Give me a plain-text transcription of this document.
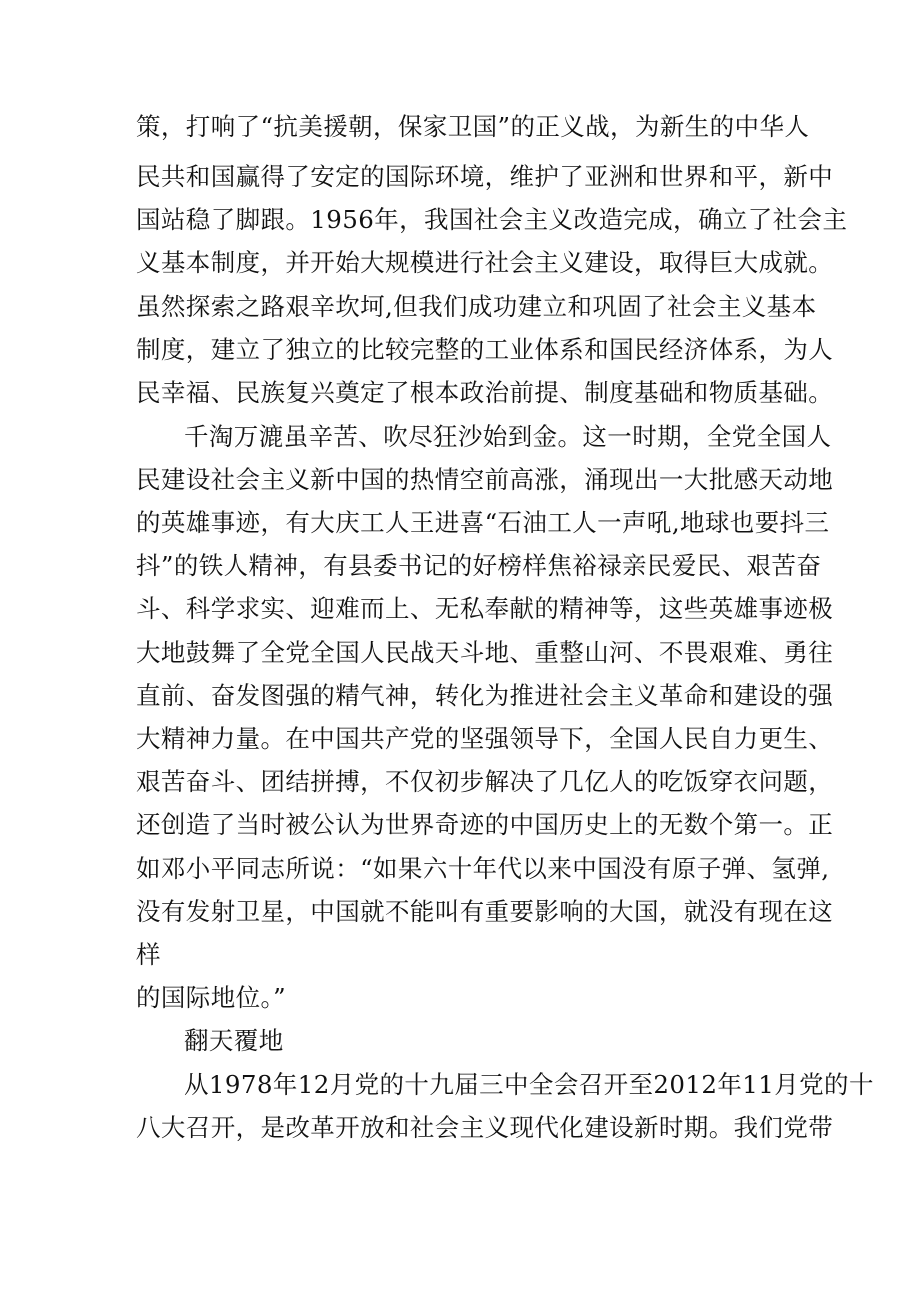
策，打响了“抗美援朝，保家卫国”的正义战，为新生的中华人
民共和国赢得了安定的国际环境，维护了亚洲和世界和平，新中
国站稳了脚跟。1956年，我国社会主义改造完成，确立了社会主
义基本制度，并开始大规模进行社会主义建设，取得巨大成就。
虽然探索之路艰辛坎坷,但我们成功建立和巩固了社会主义基本
制度，建立了独立的比较完整的工业体系和国民经济体系，为人
民幸福、民族复兴奠定了根本政治前提、制度基础和物质基础。
千淘万漉虽辛苦、吹尽狂沙始到金。这一时期，全党全国人
民建设社会主义新中国的热情空前高涨，涌现出一大批感天动地
的英雄事迹，有大庆工人王进喜“石油工人一声吼,地球也要抖三
抖”的铁人精神，有县委书记的好榜样焦裕禄亲民爱民、艰苦奋
斗、科学求实、迎难而上、无私奉献的精神等，这些英雄事迹极
大地鼓舞了全党全国人民战天斗地、重整山河、不畏艰难、勇往
直前、奋发图强的精气神，转化为推进社会主义革命和建设的强
大精神力量。在中国共产党的坚强领导下，全国人民自力更生、
艰苦奋斗、团结拼搏，不仅初步解决了几亿人的吃饭穿衣问题，
还创造了当时被公认为世界奇迹的中国历史上的无数个第一。正
如邓小平同志所说：“如果六十年代以来中国没有原子弹、氢弹,
没有发射卫星，中国就不能叫有重要影响的大国，就没有现在这
样
的国际地位。”
翻天覆地
从1978年12月党的十九届三中全会召开至2012年11月党的十
八大召开，是改革开放和社会主义现代化建设新时期。我们党带
